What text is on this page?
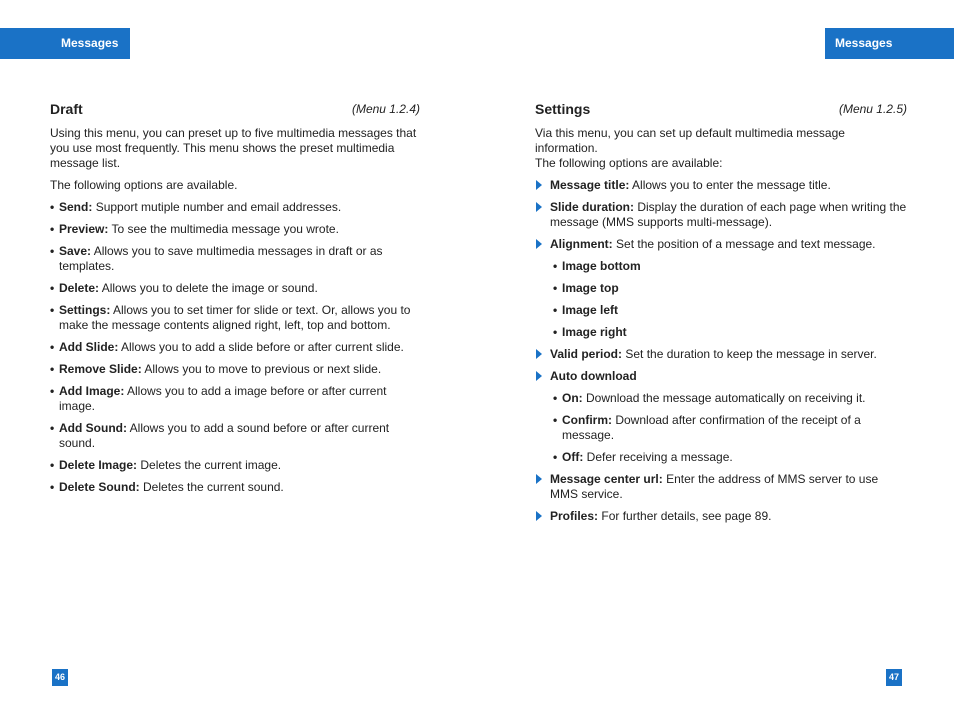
Messages	Messages
Draft	(Menu 1.2.4)

Using this menu, you can preset up to five multimedia messages that you use most frequently. This menu shows the preset multimedia message list.

The following options are available.

• Send: Support mutiple number and email addresses.
• Preview: To see the multimedia message you wrote.
• Save: Allows you to save multimedia messages in draft or as templates.
• Delete: Allows you to delete the image or sound.
• Settings: Allows you to set timer for slide or text. Or, allows you to make the message contents aligned right, left, top and bottom.
• Add Slide: Allows you to add a slide before or after current slide.
• Remove Slide: Allows you to move to previous or next slide.
• Add Image: Allows you to add a image before or after current image.
• Add Sound: Allows you to add a sound before or after current sound.
• Delete Image: Deletes the current image.
• Delete Sound: Deletes the current sound.
Settings	(Menu 1.2.5)

Via this menu, you can set up default multimedia message information.

The following options are available:

Message title: Allows you to enter the message title.
Slide duration: Display the duration of each page when writing the message (MMS supports multi-message).
Alignment: Set the position of a message and text message.
• Image bottom
• Image top
• Image left
• Image right
Valid period: Set the duration to keep the message in server.
Auto download
• On: Download the message automatically on receiving it.
• Confirm: Download after confirmation of the receipt of a message.
• Off: Defer receiving a message.
Message center url: Enter the address of MMS server to use MMS service.
Profiles: For further details, see page 89.
46	47
